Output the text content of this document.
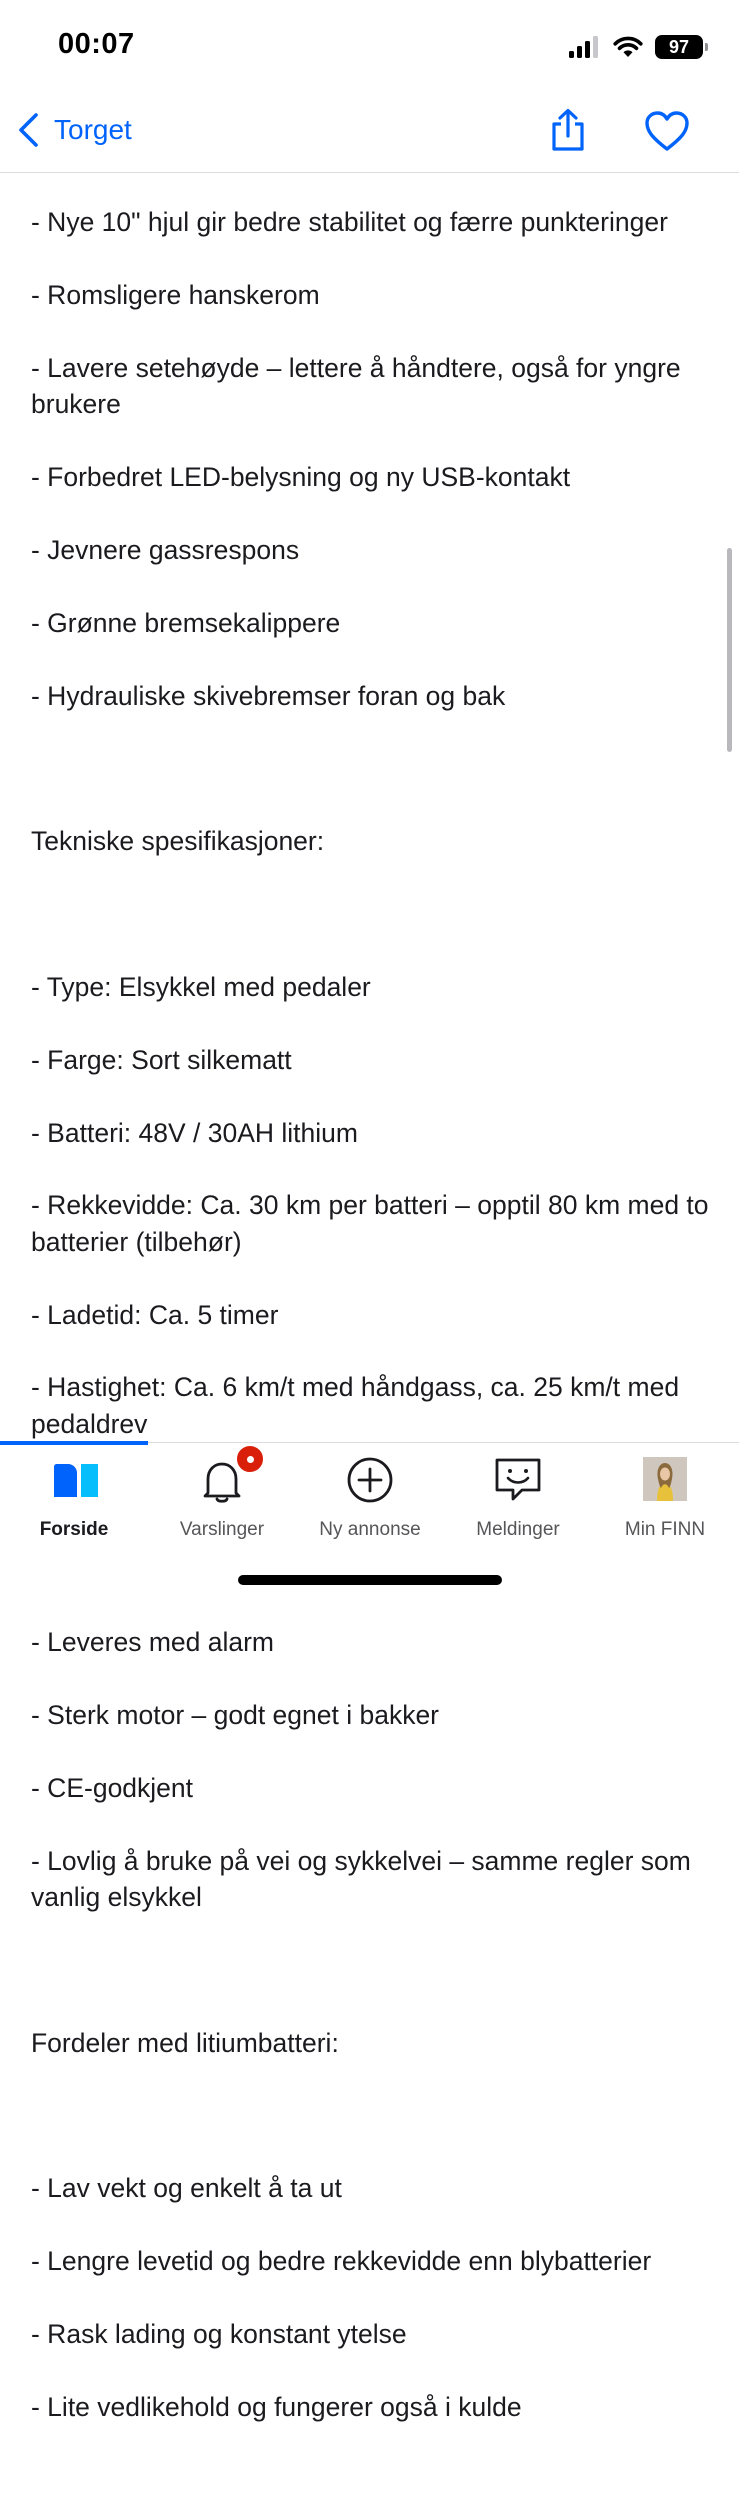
00:07	97
Torget

- Nye 10" hjul gir bedre stabilitet og færre punkteringer

- Romsligere hanskerom

- Lavere setehøyde – lettere å håndtere, også for yngre brukere

- Forbedret LED-belysning og ny USB-kontakt

- Jevnere gassrespons

- Grønne bremsekalippere

- Hydrauliske skivebremser foran og bak

Tekniske spesifikasjoner:

- Type: Elsykkel med pedaler

- Farge: Sort silkematt

- Batteri: 48V / 30AH lithium

- Rekkevidde: Ca. 30 km per batteri – opptil 80 km med to batterier (tilbehør)

- Ladetid: Ca. 5 timer

- Hastighet: Ca. 6 km/t med håndgass, ca. 25 km/t med pedaldrev

- Leveres med alarm

- Sterk motor – godt egnet i bakker

- CE-godkjent

- Lovlig å bruke på vei og sykkelvei – samme regler som vanlig elsykkel

Fordeler med litiumbatteri:

- Lav vekt og enkelt å ta ut

- Lengre levetid og bedre rekkevidde enn blybatterier

- Rask lading og konstant ytelse

- Lite vedlikehold og fungerer også i kulde

Forside	Varslinger	Ny annonse	Meldinger	Min FINN
